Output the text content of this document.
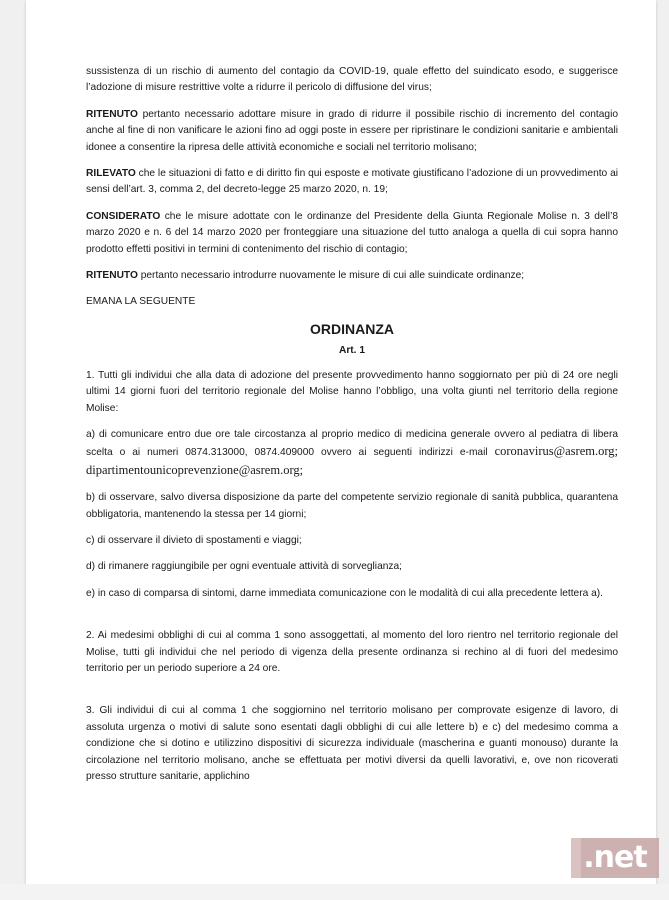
sussistenza di un rischio di aumento del contagio da COVID-19, quale effetto del suindicato esodo, e suggerisce l’adozione di misure restrittive volte a ridurre il pericolo di diffusione del virus;

RITENUTO pertanto necessario adottare misure in grado di ridurre il possibile rischio di incremento del contagio anche al fine di non vanificare le azioni fino ad oggi poste in essere per ripristinare le condizioni sanitarie e ambientali idonee a consentire la ripresa delle attività economiche e sociali nel territorio molisano;

RILEVATO che le situazioni di fatto e di diritto fin qui esposte e motivate giustificano l’adozione di un provvedimento ai sensi dell’art. 3, comma 2, del decreto-legge 25 marzo 2020, n. 19;

CONSIDERATO che le misure adottate con le ordinanze del Presidente della Giunta Regionale Molise n. 3 dell’8 marzo 2020 e n. 6 del 14 marzo 2020 per fronteggiare una situazione del tutto analoga a quella di cui sopra hanno prodotto effetti positivi in termini di contenimento del rischio di contagio;

RITENUTO pertanto necessario introdurre nuovamente le misure di cui alle suindicate ordinanze;

EMANA LA SEGUENTE

ORDINANZA
Art. 1

1. Tutti gli individui che alla data di adozione del presente provvedimento hanno soggiornato per più di 24 ore negli ultimi 14 giorni fuori del territorio regionale del Molise hanno l’obbligo, una volta giunti nel territorio della regione Molise:

a) di comunicare entro due ore tale circostanza al proprio medico di medicina generale ovvero al pediatra di libera scelta o ai numeri 0874.313000, 0874.409000 ovvero ai seguenti indirizzi e-mail coronavirus@asrem.org; dipartimentounicoprevenzione@asrem.org;

b) di osservare, salvo diversa disposizione da parte del competente servizio regionale di sanità pubblica, quarantena obbligatoria, mantenendo la stessa per 14 giorni;

c) di osservare il divieto di spostamenti e viaggi;

d) di rimanere raggiungibile per ogni eventuale attività di sorveglianza;

e) in caso di comparsa di sintomi, darne immediata comunicazione con le modalità di cui alla precedente lettera a).

2. Ai medesimi obblighi di cui al comma 1 sono assoggettati, al momento del loro rientro nel territorio regionale del Molise, tutti gli individui che nel periodo di vigenza della presente ordinanza si rechino al di fuori del medesimo territorio per un periodo superiore a 24 ore.

3. Gli individui di cui al comma 1 che soggiornino nel territorio molisano per comprovate esigenze di lavoro, di assoluta urgenza o motivi di salute sono esentati dagli obblighi di cui alle lettere b) e c) del medesimo comma a condizione che si dotino e utilizzino dispositivi di sicurezza individuale (mascherina e guanti monouso) durante la circolazione nel territorio molisano, anche se effettuata per motivi diversi da quelli lavorativi, e, ove non ricoverati presso strutture sanitarie, applichino

.net
